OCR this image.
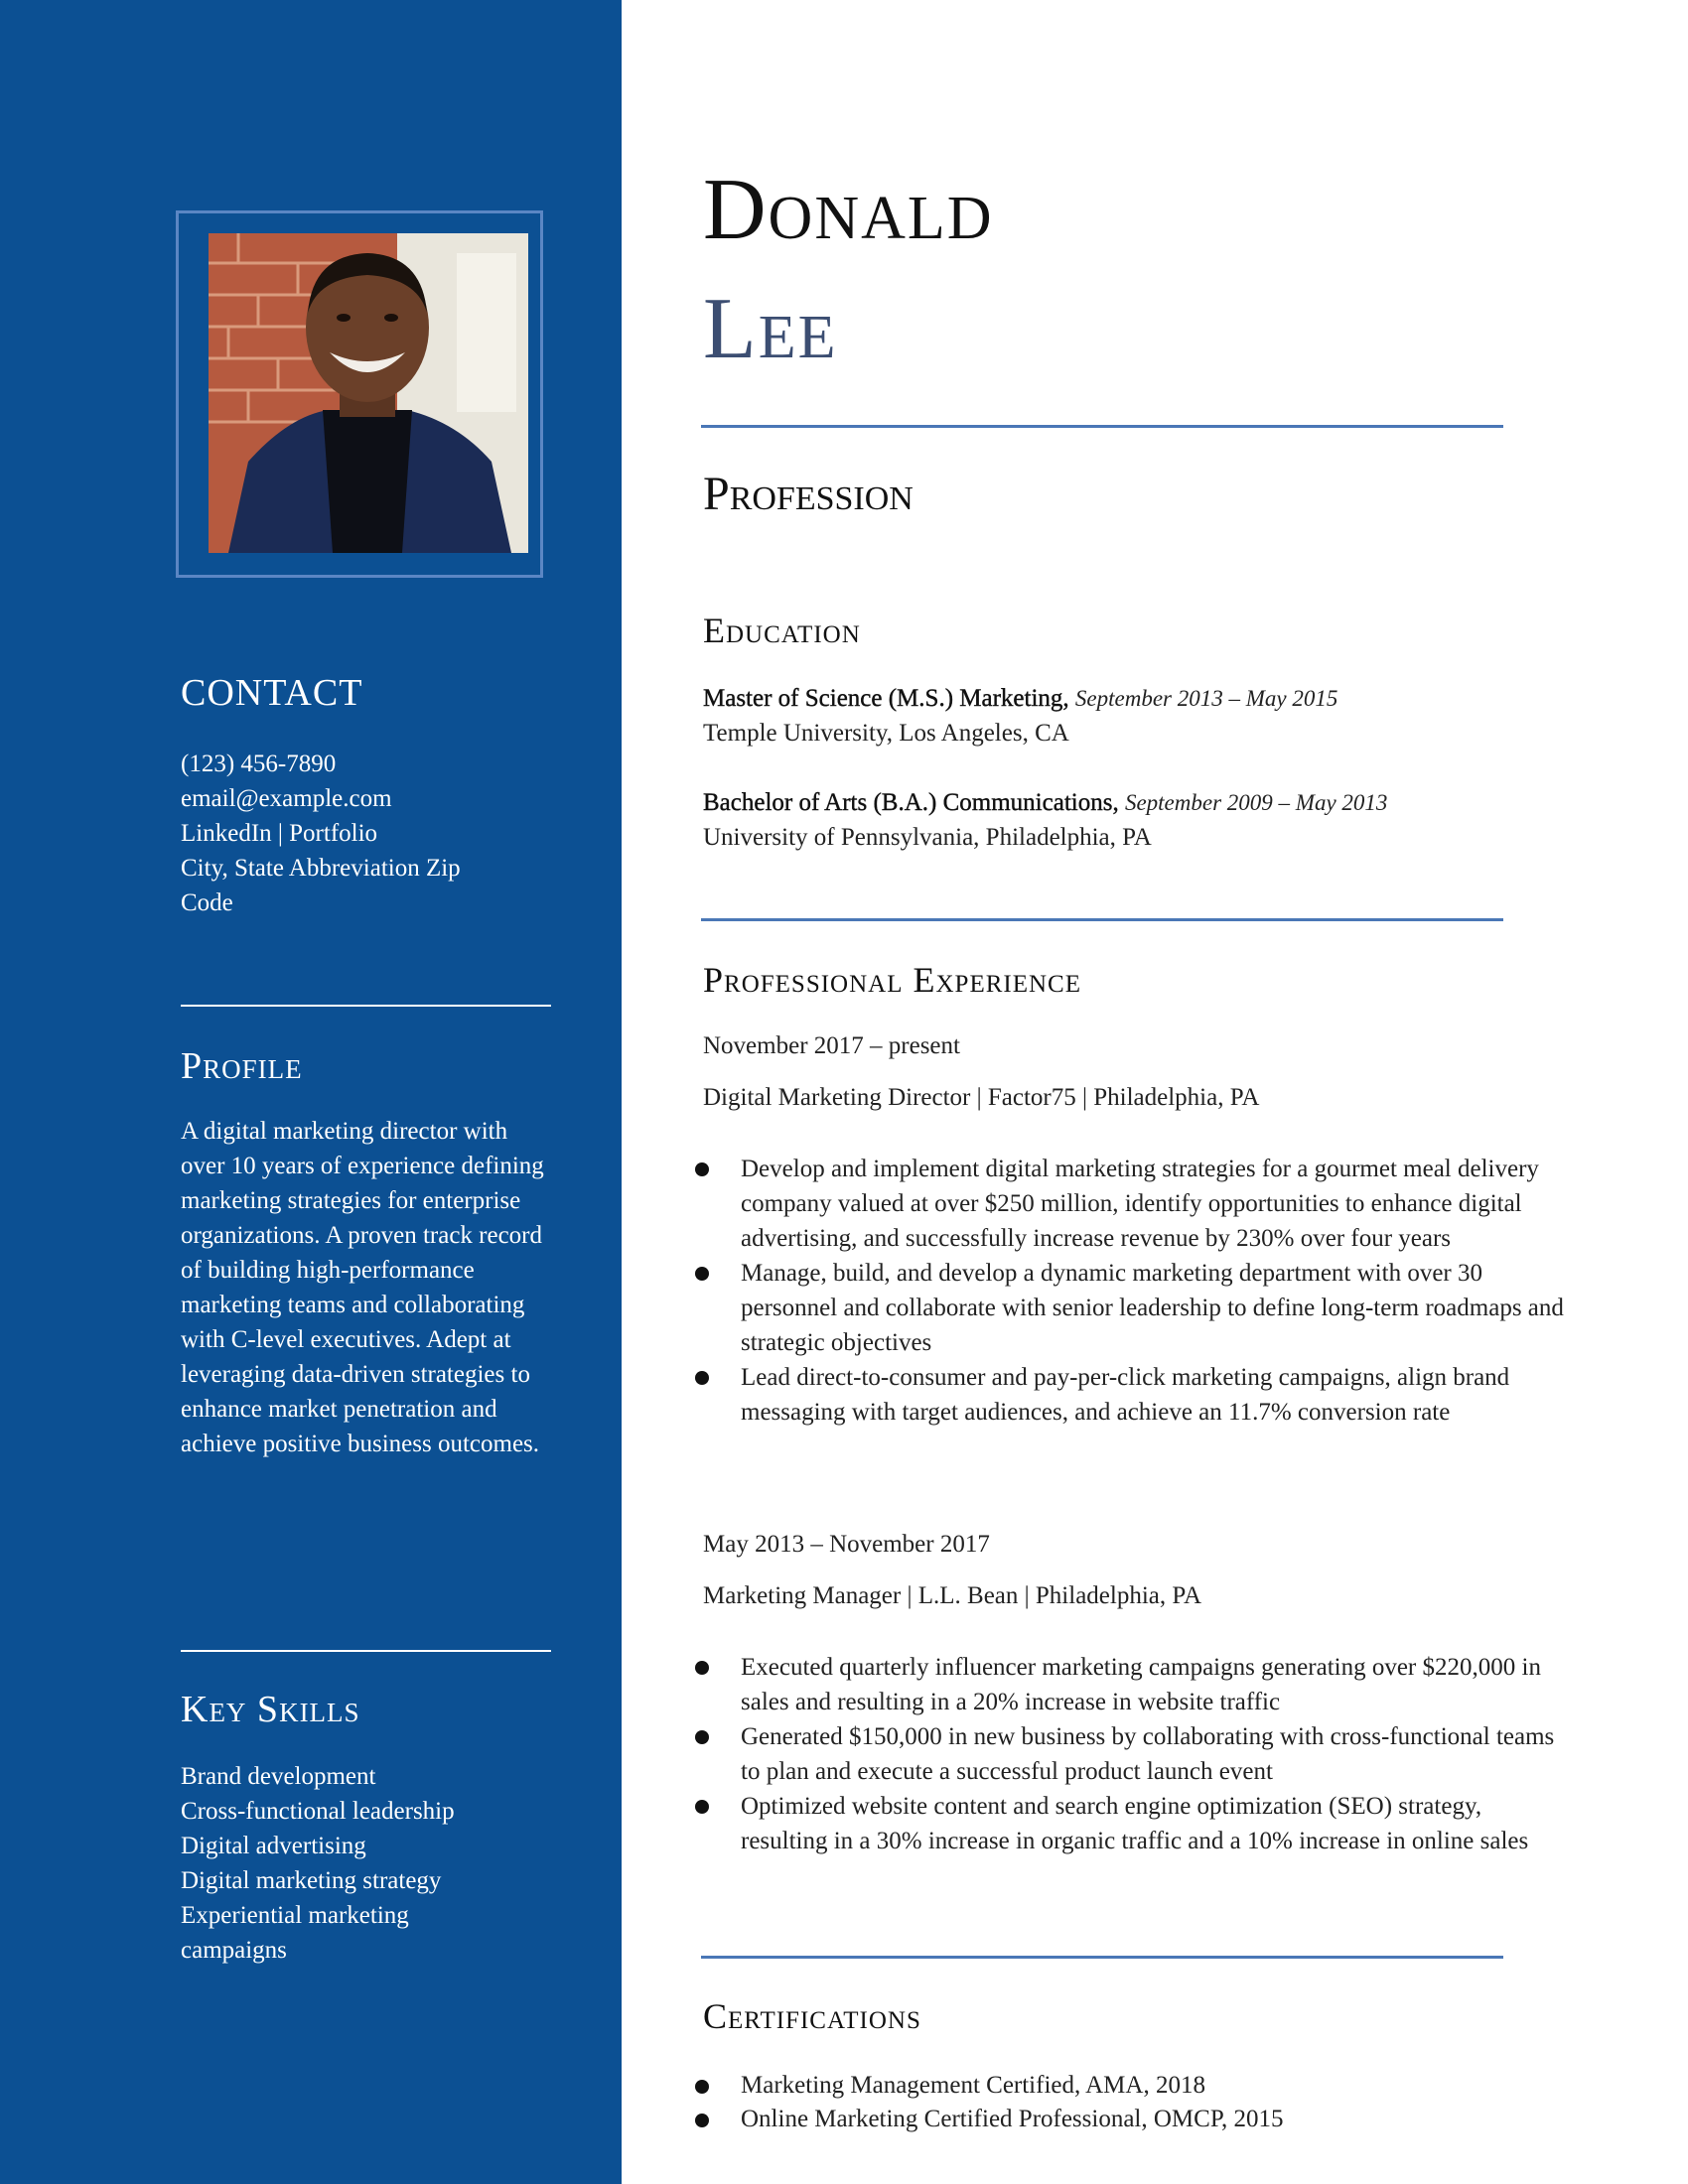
CONTACT
(123) 456-7890
email@example.com
LinkedIn | Portfolio
City, State Abbreviation Zip
Code
Profile
A digital marketing director with over 10 years of experience defining marketing strategies for enterprise organizations. A proven track record of building high-performance marketing teams and collaborating with C-level executives. Adept at leveraging data-driven strategies to enhance market penetration and achieve positive business outcomes.
Key Skills
Brand development
Cross-functional leadership
Digital advertising
Digital marketing strategy
Experiential marketing
campaigns
Donald
Lee
Profession
Education
Master of Science (M.S.) Marketing, September 2013 – May 2015
Temple University, Los Angeles, CA
Bachelor of Arts (B.A.) Communications, September 2009 – May 2013
University of Pennsylvania, Philadelphia, PA
Professional Experience
November 2017 – present
Digital Marketing Director | Factor75 | Philadelphia, PA
Develop and implement digital marketing strategies for a gourmet meal delivery company valued at over $250 million, identify opportunities to enhance digital advertising, and successfully increase revenue by 230% over four years
Manage, build, and develop a dynamic marketing department with over 30 personnel and collaborate with senior leadership to define long-term roadmaps and strategic objectives
Lead direct-to-consumer and pay-per-click marketing campaigns, align brand messaging with target audiences, and achieve an 11.7% conversion rate
May 2013 – November 2017
Marketing Manager | L.L. Bean | Philadelphia, PA
Executed quarterly influencer marketing campaigns generating over $220,000 in sales and resulting in a 20% increase in website traffic
Generated $150,000 in new business by collaborating with cross-functional teams to plan and execute a successful product launch event
Optimized website content and search engine optimization (SEO) strategy, resulting in a 30% increase in organic traffic and a 10% increase in online sales
Certifications
Marketing Management Certified, AMA, 2018
Online Marketing Certified Professional, OMCP, 2015
